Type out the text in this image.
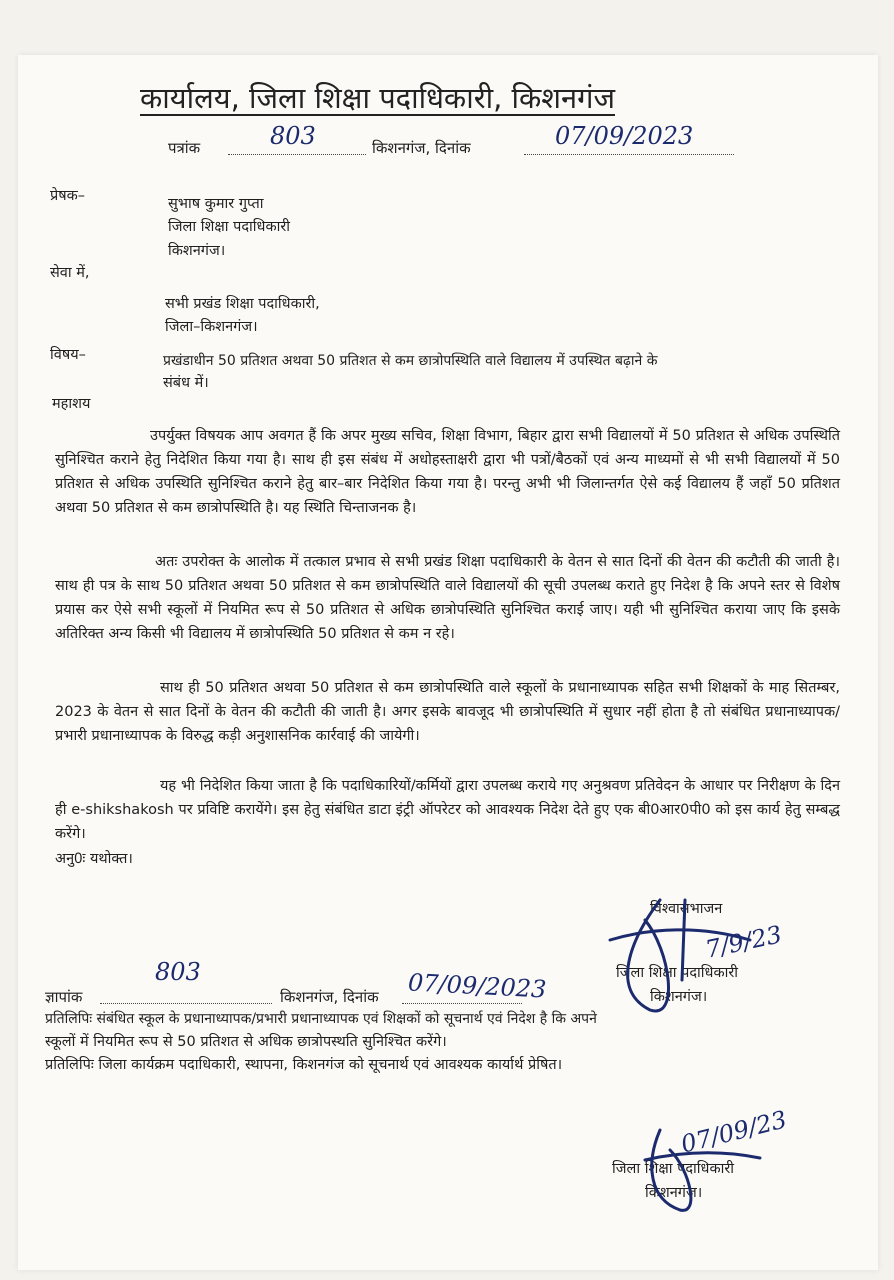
कार्यालय, जिला शिक्षा पदाधिकारी, किशनगंज
पत्रांक	803	किशनगंज, दिनांक	07/09/2023
प्रेषक–	सुभाष कुमार गुप्ता
जिला शिक्षा पदाधिकारी
किशनगंज।
सेवा में,
सभी प्रखंड शिक्षा पदाधिकारी,
जिला–किशनगंज।
विषय–	प्रखंडाधीन 50 प्रतिशत अथवा 50 प्रतिशत से कम छात्रोपस्थिति वाले विद्यालय में उपस्थित बढ़ाने के
संबंध में।
महाशय
उपर्युक्त विषयक आप अवगत हैं कि अपर मुख्य सचिव, शिक्षा विभाग, बिहार द्वारा सभी विद्यालयों में 50 प्रतिशत से अधिक उपस्थिति सुनिश्चित कराने हेतु निदेशित किया गया है। साथ ही इस संबंध में अधोहस्ताक्षरी द्वारा भी पत्रों/बैठकों एवं अन्य माध्यमों से भी सभी विद्यालयों में 50 प्रतिशत से अधिक उपस्थिति सुनिश्चित कराने हेतु बार–बार निदेशित किया गया है। परन्तु अभी भी जिलान्तर्गत ऐसे कई विद्यालय हैं जहाँ 50 प्रतिशत अथवा 50 प्रतिशत से कम छात्रोपस्थिति है। यह स्थिति चिन्ताजनक है।
अतः उपरोक्त के आलोक में तत्काल प्रभाव से सभी प्रखंड शिक्षा पदाधिकारी के वेतन से सात दिनों की वेतन की कटौती की जाती है। साथ ही पत्र के साथ 50 प्रतिशत अथवा 50 प्रतिशत से कम छात्रोपस्थिति वाले विद्यालयों की सूची उपलब्ध कराते हुए निदेश है कि अपने स्तर से विशेष प्रयास कर ऐसे सभी स्कूलों में नियमित रूप से 50 प्रतिशत से अधिक छात्रोपस्थिति सुनिश्चित कराई जाए। यही भी सुनिश्चित कराया जाए कि इसके अतिरिक्त अन्य किसी भी विद्यालय में छात्रोपस्थिति 50 प्रतिशत से कम न रहे।
साथ ही 50 प्रतिशत अथवा 50 प्रतिशत से कम छात्रोपस्थिति वाले स्कूलों के प्रधानाध्यापक सहित सभी शिक्षकों के माह सितम्बर, 2023 के वेतन से सात दिनों के वेतन की कटौती की जाती है। अगर इसके बावजूद भी छात्रोपस्थिति में सुधार नहीं होता है तो संबंधित प्रधानाध्यापक/प्रभारी प्रधानाध्यापक के विरुद्ध कड़ी अनुशासनिक कार्रवाई की जायेगी।
यह भी निदेशित किया जाता है कि पदाधिकारियों/कर्मियों द्वारा उपलब्ध कराये गए अनुश्रवण प्रतिवेदन के आधार पर निरीक्षण के दिन ही e-shikshakosh पर प्रविष्टि करायेंगे। इस हेतु संबंधित डाटा इंट्री ऑपरेटर को आवश्यक निदेश देते हुए एक बी0आर0पी0 को इस कार्य हेतु सम्बद्ध करेंगे।
अनु0ः यथोक्त।
विश्वासभाजन
जिला शिक्षा पदाधिकारी
किशनगंज।
7/9/23
ज्ञापांक
803
किशनगंज, दिनांक 07/09/2023
प्रतिलिपिः संबंधित स्कूल के प्रधानाध्यापक/प्रभारी प्रधानाध्यापक एवं शिक्षकों को सूचनार्थ एवं निदेश है कि अपने
स्कूलों में नियमित रूप से 50 प्रतिशत से अधिक छात्रोपस्थति सुनिश्चित करेंगे।
प्रतिलिपिः जिला कार्यक्रम पदाधिकारी, स्थापना, किशनगंज को सूचनार्थ एवं आवश्यक कार्यार्थ प्रेषित।
जिला शिक्षा पदाधिकारी
किशनगंज।
07/09/23
